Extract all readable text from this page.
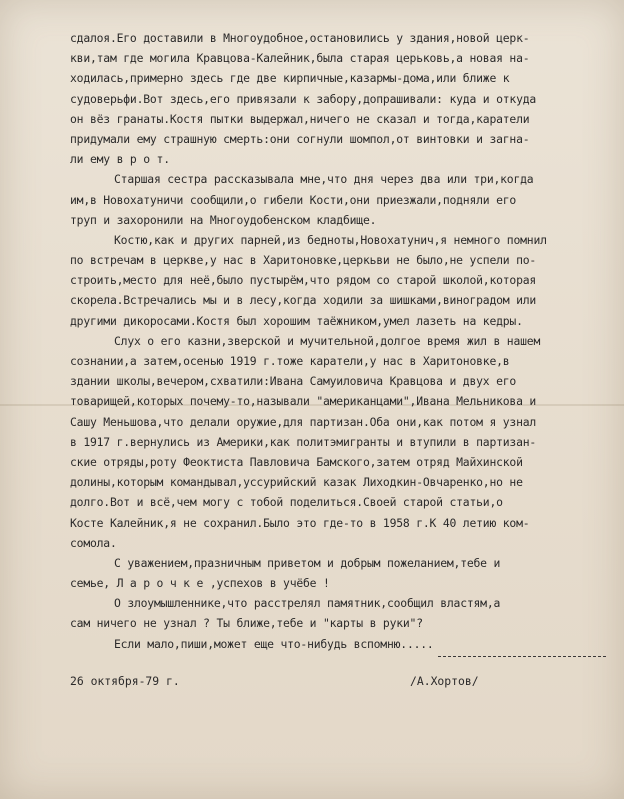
сдалоя.Его доставили в Многоудобное,остановились у здания,новой церк-
кви,там где могила Кравцова-Калейник,была старая церьковь,а новая на-
ходилась,примерно здесь где две кирпичные,казармы-дома,или ближе к
судоверьфи.Вот здесь,его привязали к забору,допрашивали: куда и откуда
он вёз гранаты.Костя пытки выдержал,ничего не сказал и тогда,каратели
придумали ему страшную смерть:они согнули шомпол,от винтовки и загна-
ли ему в р о т.
Старшая сестра рассказывала мне,что дня через два или три,когда
им,в Новохатуничи сообщили,о гибели Кости,они приезжали,подняли его
труп и захоронили на Многоудобенском кладбище.
Костю,как и других парней,из бедноты,Новохатунич,я немного помнил
по встречам в церкве,у нас в Харитоновке,церкьви не было,не успели по-
строить,место для неё,было пустырём,что рядом со старой школой,которая
скорела.Встречались мы и в лесу,когда ходили за шишками,виноградом или
другими дикоросами.Костя был хорошим таёжником,умел лазеть на кедры.
Слух о его казни,зверской и мучительной,долгое время жил в нашем
сознании,а затем,осенью 1919 г.тоже каратели,у нас в Харитоновке,в
здании школы,вечером,схватили:Ивана Самуиловича Кравцова и двух его
товарищей,которых почему-то,называли "американцами",Ивана Мельникова и
Сашу Меньшова,что делали оружие,для партизан.Оба они,как потом я узнал
в 1917 г.вернулись из Америки,как политэмигранты и втупили в партизан-
ские отряды,роту Феоктиста Павловича Бамского,затем отряд Майхинской
долины,которым командывал,уссурийский казак Лиходкин-Овчаренко,но не
долго.Вот и всё,чем могу с тобой поделиться.Своей старой статьи,о
Косте Калейник,я не сохранил.Было это где-то в 1958 г.К 40 летию ком-
сомола.
С уважением,празничным приветом и добрым пожеланием,тебе и
семье, Л а р о ч к е ,успехов в учёбе !
О злоумышленнике,что расстрелял памятник,сообщил властям,а
сам ничего не узнал ? Ты ближе,тебе и "карты в руки"?
Если мало,пиши,может еще что-нибудь вспомню.....
26 октября-79 г.	/А.Хортов/
